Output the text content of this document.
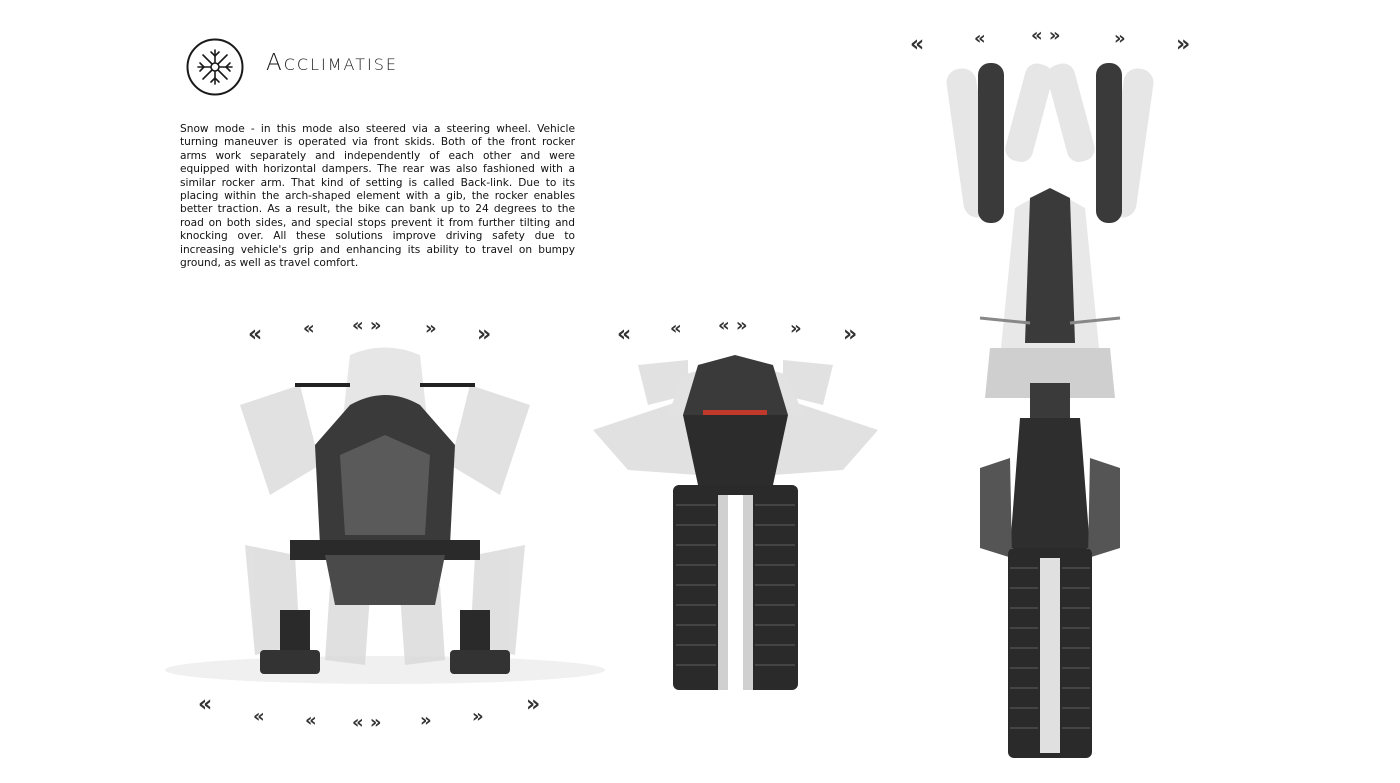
Acclimatise
Snow mode - in this mode also steered via a steering wheel. Vehicle turning maneuver is operated via front skids. Both of the front rocker arms work separately and independently of each other and were equipped with horizontal dampers. The rear was also fashioned with a similar rocker arm. That kind of setting is called Back-link. Due to its placing within the arch-shaped element with a gib, the rocker enables better traction. As a result, the bike can bank up to 24 degrees to the road on both sides, and special stops prevent it from further tilting and knocking over. All these solutions improve driving safety due to increasing vehicle's grip and enhancing its ability to travel on bumpy ground, as well as travel comfort.
« « « » » »
« « « « » » » »
« « « » » »
«	«	« »	» »
